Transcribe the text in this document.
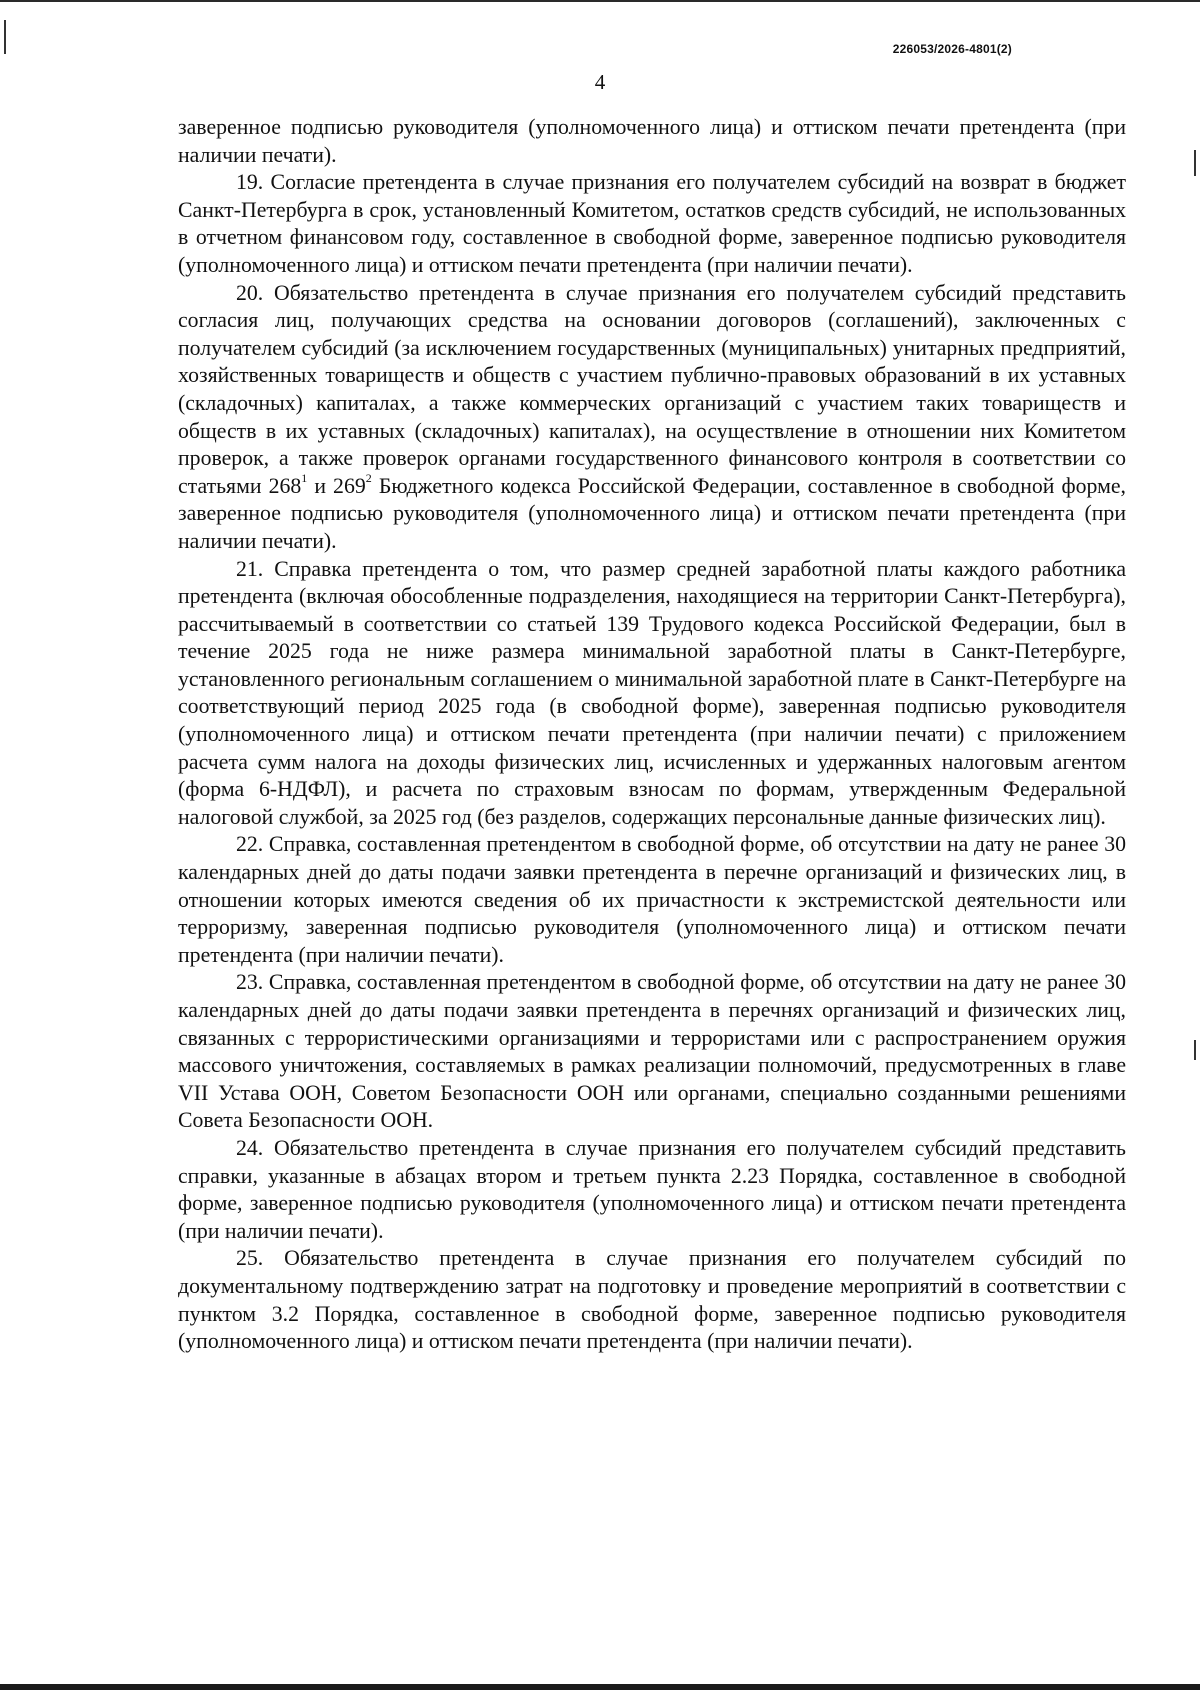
226053/2026-4801(2)
4

заверенное подписью руководителя (уполномоченного лица) и оттиском печати претендента (при наличии печати).

19. Согласие претендента в случае признания его получателем субсидий на возврат в бюджет Санкт-Петербурга в срок, установленный Комитетом, остатков средств субсидий, не использованных в отчетном финансовом году, составленное в свободной форме, заверенное подписью руководителя (уполномоченного лица) и оттиском печати претендента (при наличии печати).

20. Обязательство претендента в случае признания его получателем субсидий представить согласия лиц, получающих средства на основании договоров (соглашений), заключенных с получателем субсидий (за исключением государственных (муниципальных) унитарных предприятий, хозяйственных товариществ и обществ с участием публично-правовых образований в их уставных (складочных) капиталах, а также коммерческих организаций с участием таких товариществ и обществ в их уставных (складочных) капиталах), на осуществление в отношении них Комитетом проверок, а также проверок органами государственного финансового контроля в соответствии со статьями $268^1$ и $269^2$ Бюджетного кодекса Российской Федерации, составленное в свободной форме, заверенное подписью руководителя (уполномоченного лица) и оттиском печати претендента (при наличии печати).

21. Справка претендента о том, что размер средней заработной платы каждого работника претендента (включая обособленные подразделения, находящиеся на территории Санкт-Петербурга), рассчитываемый в соответствии со статьей 139 Трудового кодекса Российской Федерации, был в течение 2025 года не ниже размера минимальной заработной платы в Санкт-Петербурге, установленного региональным соглашением о минимальной заработной плате в Санкт-Петербурге на соответствующий период 2025 года (в свободной форме), заверенная подписью руководителя (уполномоченного лица) и оттиском печати претендента (при наличии печати) с приложением расчета сумм налога на доходы физических лиц, исчисленных и удержанных налоговым агентом (форма 6-НДФЛ), и расчета по страховым взносам по формам, утвержденным Федеральной налоговой службой, за 2025 год (без разделов, содержащих персональные данные физических лиц).

22. Справка, составленная претендентом в свободной форме, об отсутствии на дату не ранее 30 календарных дней до даты подачи заявки претендента в перечне организаций и физических лиц, в отношении которых имеются сведения об их причастности к экстремистской деятельности или терроризму, заверенная подписью руководителя (уполномоченного лица) и оттиском печати претендента (при наличии печати).

23. Справка, составленная претендентом в свободной форме, об отсутствии на дату не ранее 30 календарных дней до даты подачи заявки претендента в перечнях организаций и физических лиц, связанных с террористическими организациями и террористами или с распространением оружия массового уничтожения, составляемых в рамках реализации полномочий, предусмотренных в главе VII Устава ООН, Советом Безопасности ООН или органами, специально созданными решениями Совета Безопасности ООН.

24. Обязательство претендента в случае признания его получателем субсидий представить справки, указанные в абзацах втором и третьем пункта 2.23 Порядка, составленное в свободной форме, заверенное подписью руководителя (уполномоченного лица) и оттиском печати претендента (при наличии печати).

25. Обязательство претендента в случае признания его получателем субсидий по документальному подтверждению затрат на подготовку и проведение мероприятий в соответствии с пунктом 3.2 Порядка, составленное в свободной форме, заверенное подписью руководителя (уполномоченного лица) и оттиском печати претендента (при наличии печати).
